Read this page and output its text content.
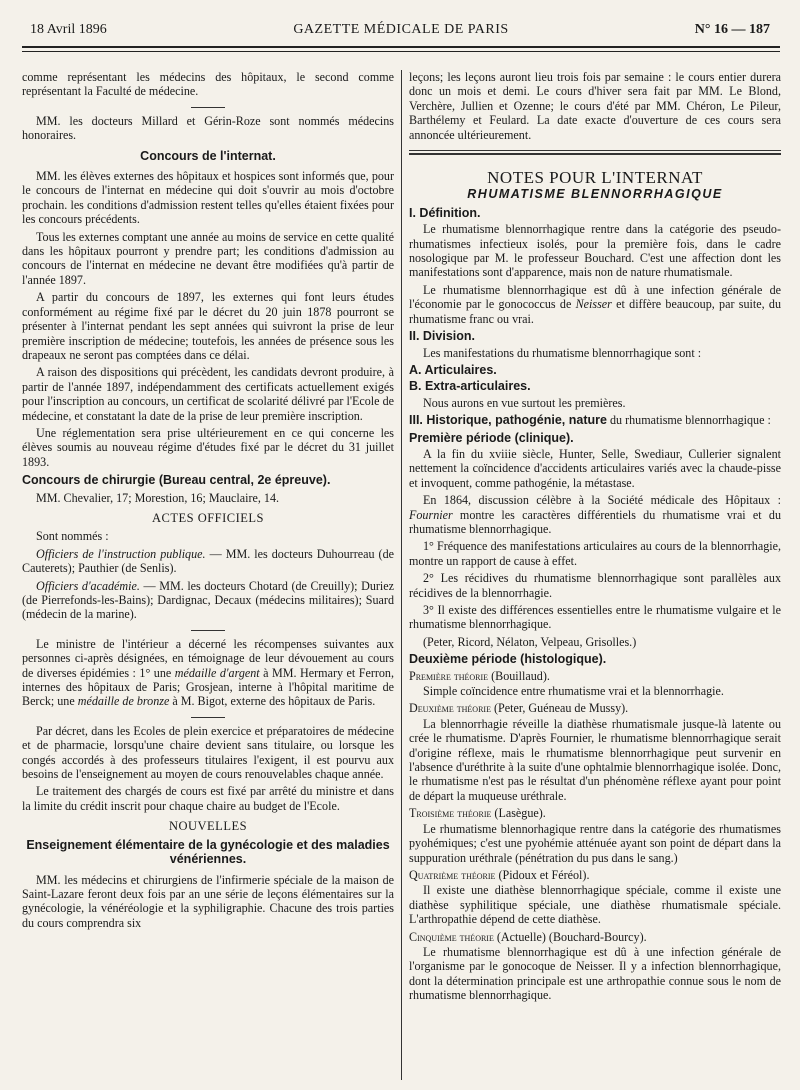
18 Avril 1896	GAZETTE MÉDICALE DE PARIS	N° 16 — 187

comme représentant les médecins des hôpitaux, le second comme représentant la Faculté de médecine.

MM. les docteurs Millard et Gérin-Roze sont nommés médecins honoraires.

Concours de l'internat.

MM. les élèves externes des hôpitaux et hospices sont informés que, pour le concours de l'internat en médecine qui doit s'ouvrir au mois d'octobre prochain. les conditions d'admission restent telles qu'elles étaient fixées pour les concours précédents.

Tous les externes comptant une année au moins de service en cette qualité dans les hôpitaux pourront y prendre part; les conditions d'admission au concours de l'internat en médecine ne devant être modifiées qu'à partir de l'année 1897.

A partir du concours de 1897, les externes qui font leurs études conformément au régime fixé par le décret du 20 juin 1878 pourront se présenter à l'internat pendant les sept années qui suivront la prise de leur première inscription de médecine; toutefois, les années de présence sous les drapeaux ne seront pas comptées dans ce délai.

A raison des dispositions qui précèdent, les candidats devront produire, à partir de l'année 1897, indépendamment des certificats actuellement exigés pour l'inscription au concours, un certificat de scolarité délivré par l'Ecole de médecine, et constatant la date de la prise de leur première inscription.

Une réglementation sera prise ultérieurement en ce qui concerne les élèves soumis au nouveau régime d'études fixé par le décret du 31 juillet 1893.

Concours de chirurgie (Bureau central, 2e épreuve).

MM. Chevalier, 17; Morestion, 16; Mauclaire, 14.

ACTES OFFICIELS

Sont nommés :

Officiers de l'instruction publique. — MM. les docteurs Duhourreau (de Cauterets); Pauthier (de Senlis).

Officiers d'académie. — MM. les docteurs Chotard (de Creuilly); Duriez (de Pierrefonds-les-Bains); Dardignac, Decaux (médecins militaires); Suard (médecin de la marine).

Le ministre de l'intérieur a décerné les récompenses suivantes aux personnes ci-après désignées, en témoignage de leur dévouement au cours de diverses épidémies : 1° une médaille d'argent à MM. Hermary et Ferron, internes des hôpitaux de Paris; Grosjean, interne à l'hôpital maritime de Berck; une médaille de bronze à M. Bigot, externe des hôpitaux de Paris.

Par décret, dans les Ecoles de plein exercice et préparatoires de médecine et de pharmacie, lorsqu'une chaire devient sans titulaire, ou lorsque les congés accordés à des professeurs titulaires l'exigent, il est pourvu aux besoins de l'enseignement au moyen de cours renouvelables chaque année.

Le traitement des chargés de cours est fixé par arrêté du ministre et dans la limite du crédit inscrit pour chaque chaire au budget de l'Ecole.

NOUVELLES
Enseignement élémentaire de la gynécologie et des maladies vénériennes.

MM. les médecins et chirurgiens de l'infirmerie spéciale de la maison de Saint-Lazare feront deux fois par an une série de leçons élémentaires sur la gynécologie, la vénéréologie et la syphiligraphie. Chacune des trois parties du cours comprendra six

leçons; les leçons auront lieu trois fois par semaine : le cours entier durera donc un mois et demi. Le cours d'hiver sera fait par MM. Le Blond, Verchère, Jullien et Ozenne; le cours d'été par MM. Chéron, Le Pileur, Barthélemy et Feulard. La date exacte d'ouverture de ces cours sera annoncée ultérieurement.

NOTES POUR L'INTERNAT
RHUMATISME BLENNORRHAGIQUE
I. Définition.

Le rhumatisme blennorrhagique rentre dans la catégorie des pseudo-rhumatismes infectieux isolés, pour la première fois, dans le cadre nosologique par M. le professeur Bouchard. C'est une affection dont les manifestations sont d'apparence, mais non de nature rhumatismale.

Le rhumatisme blennorrhagique est dû à une infection générale de l'économie par le gonococcus de Neisser et diffère beaucoup, par suite, du rhumatisme franc ou vrai.

II. Division.

Les manifestations du rhumatisme blennorrhagique sont :

A. Articulaires.
B. Extra-articulaires.

Nous aurons en vue surtout les premières.

III. Historique, pathogénie, nature du rhumatisme blennorrhagique :

Première période (clinique).

A la fin du xviiie siècle, Hunter, Selle, Swediaur, Cullerier signalent nettement la coïncidence d'accidents articulaires variés avec la chaude-pisse et invoquent, comme pathogénie, la métastase.

En 1864, discussion célèbre à la Société médicale des Hôpitaux : Fournier montre les caractères différentiels du rhumatisme vrai et du rhumatisme blennorrhagique.

1° Fréquence des manifestations articulaires au cours de la blennorrhagie, montre un rapport de cause à effet.

2° Les récidives du rhumatisme blennorrhagique sont parallèles aux récidives de la blennorrhagie.

3° Il existe des différences essentielles entre le rhumatisme vulgaire et le rhumatisme blennorrhagique.

(Peter, Ricord, Nélaton, Velpeau, Grisolles.)

Deuxième période (histologique).

Première théorie (Bouillaud).

Simple coïncidence entre rhumatisme vrai et la blennorrhagie.

Deuxième théorie (Peter, Guéneau de Mussy).

La blennorrhagie réveille la diathèse rhumatismale jusque-là latente ou crée le rhumatisme. D'après Fournier, le rhumatisme blennorrhagique serait d'origine réflexe, mais le rhumatisme blennorrhagique peut survenir en l'absence d'uréthrite à la suite d'une ophtalmie blennorrhagique isolée. Donc, le rhumatisme n'est pas le résultat d'un phénomène réflexe ayant pour point de départ la muqueuse uréthrale.

Troisième théorie (Lasègue).

Le rhumatisme blennorhagique rentre dans la catégorie des rhumatismes pyohémiques; c'est une pyohémie atténuée ayant son point de départ dans la suppuration uréthrale (pénétration du pus dans le sang.)

Quatrième théorie (Pidoux et Féréol).

Il existe une diathèse blennorrhagique spéciale, comme il existe une diathèse syphilitique spéciale, une diathèse rhumatismale spéciale. L'arthropathie dépend de cette diathèse.

Cinquième théorie (Actuelle) (Bouchard-Bourcy).

Le rhumatisme blennorrhagique est dû à une infection générale de l'organisme par le gonocoque de Neisser. Il y a infection blennorrhagique, dont la détermination principale est une arthropathie connue sous le nom de rhumatisme blennorrhagique.
